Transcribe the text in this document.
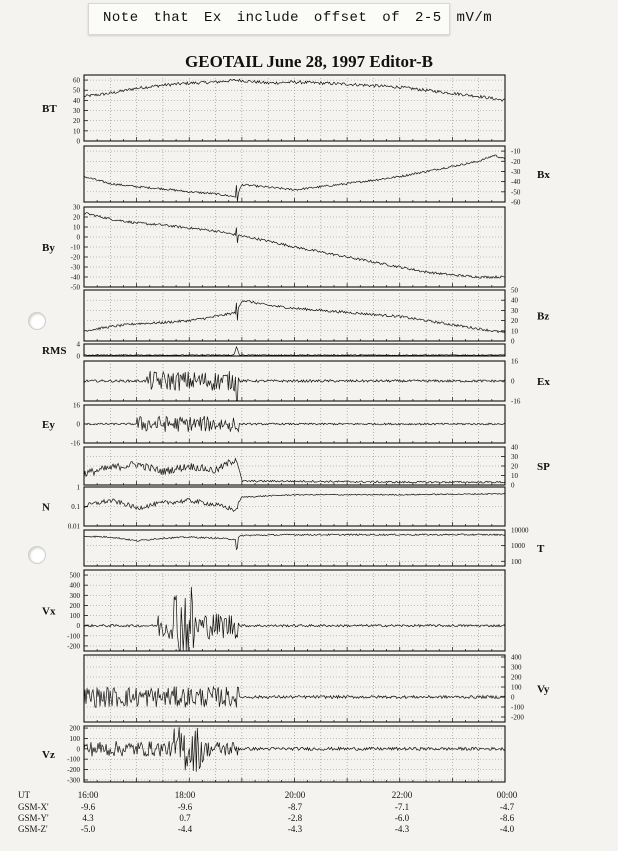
Note that Ex include offset of 2-5 mV/m
GEOTAIL June 28, 1997 Editor-B
0
10
20
30
40
50
60
BT
-10
-20
-30
-40
-50
-60
Bx
30
20
10
0
-10
-20
-30
-40
-50
By
50
40
30
20
10
0
Bz
4
0
RMS
16
0
-16
Ex
16
0
-16
Ey
40
30
20
10
0
SP
1
0.1
0.01
N
10000
1000
100
T
500
400
300
200
100
0
-100
-200
Vx
400
300
200
100
0
-100
-200
Vy
200
100
0
-100
-200
-300
Vz
UT	16:00	18:00	20:00	22:00	00:00
GSM-X'	-9.6	-9.6	-8.7	-7.1	-4.7
GSM-Y'	4.3	0.7	-2.8	-6.0	-8.6
GSM-Z'	-5.0	-4.4	-4.3	-4.3	-4.0
